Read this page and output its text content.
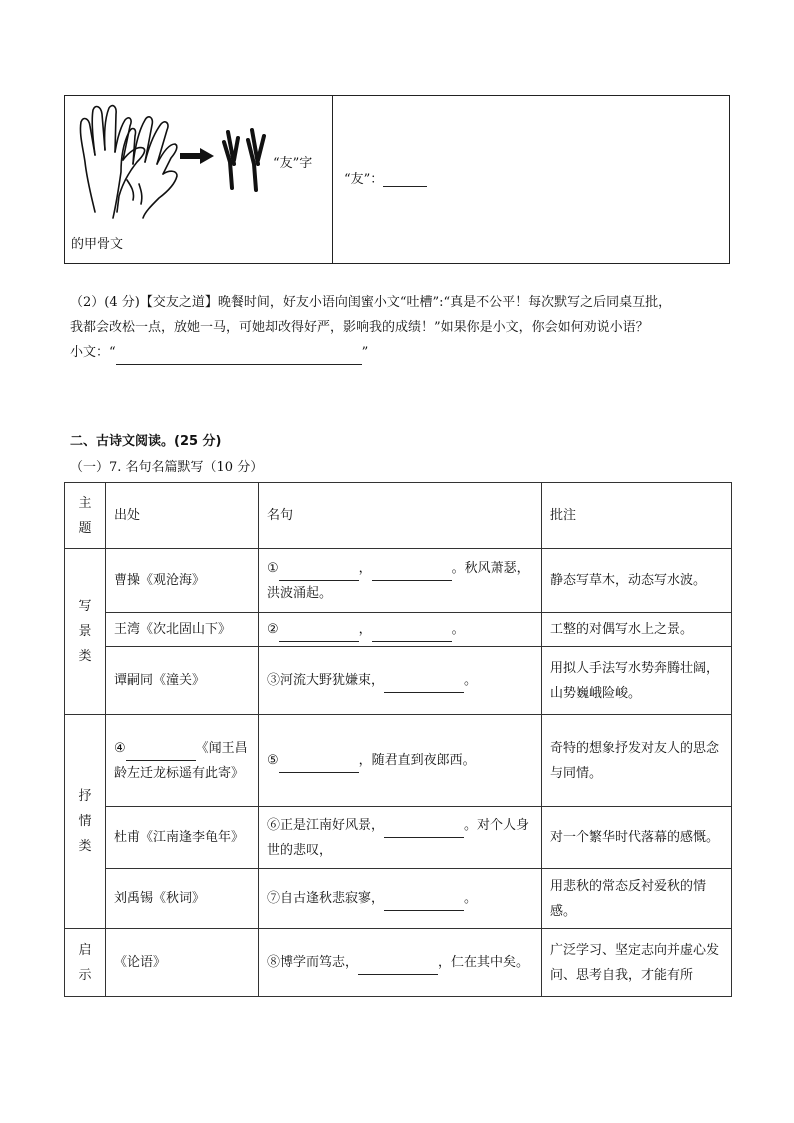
“友”字
的甲骨文
“友”：
（2）(4 分)【交友之道】晚餐时间，好友小语向闺蜜小文“吐槽”:“真是不公平！每次默写之后同桌互批，
我都会改松一点，放她一马，可她却改得好严，影响我的成绩！”如果你是小文，你会如何劝说小语？
小文：“	”
二、古诗文阅读。(25 分)
（一）7. 名句名篇默写（10 分）
主
题	出处	名句	批注

写
景
类	曹操《观沧海》	① ， 。秋风萧瑟，洪波涌起。	静态写草木，动态写水波。
	王湾《次北固山下》	② ， 。	工整的对偶写水上之景。
	谭嗣同《潼关》	③河流大野犹嫌束， 。	用拟人手法写水势奔腾壮阔，山势巍峨险峻。

抒
情
类	④ 《闻王昌龄左迁龙标遥有此寄》	⑤ ，随君直到夜郎西。	奇特的想象抒发对友人的思念与同情。
	杜甫《江南逢李龟年》	⑥正是江南好风景， 。对个人身世的悲叹，	对一个繁华时代落幕的感慨。
	刘禹锡《秋词》	⑦自古逢秋悲寂寥， 。	用悲秋的常态反衬爱秋的情感。

启
示	《论语》	⑧博学而笃志， ，仁在其中矣。	广泛学习、坚定志向并虚心发问、思考自我，才能有所
